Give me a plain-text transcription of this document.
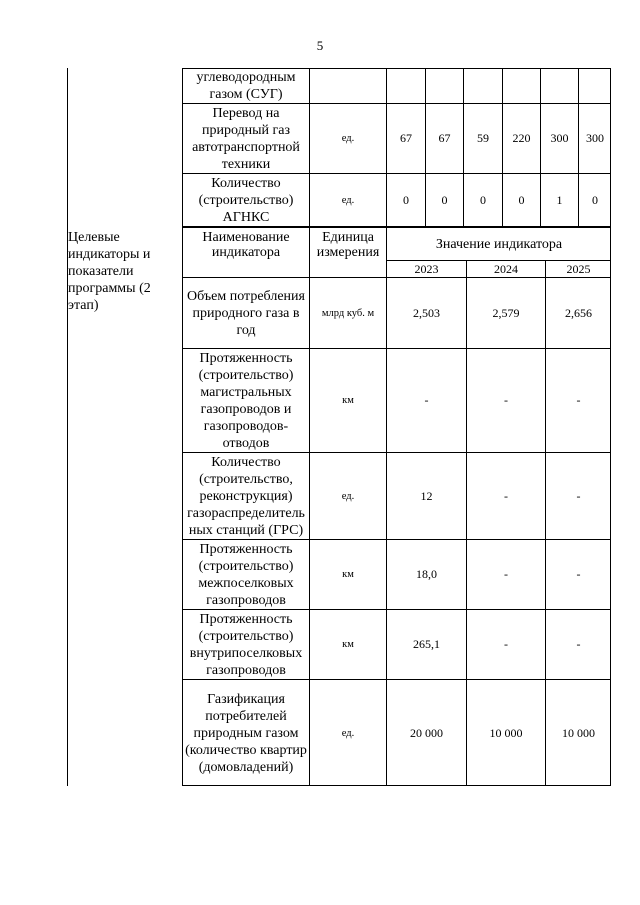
5
Целевые индикаторы и показатели программы (2 этап)
углеводородным газом (СУГ)
Перевод на природный газ автотранспортной техники
ед.	67	67	59	220	300	300
Количество (строительство) АГНКС
ед.	0	0	0	0	1	0
Наименование индикатора
Единица измерения
Значение индикатора
2023	2024	2025
Объем потребления природного газа в год
млрд куб. м	2,503	2,579	2,656
Протяженность (строительство) магистральных газопроводов и газопроводов-отводов
км	-	-	-
Количество (строительство, реконструкция) газораспределитель ных станций (ГРС)
ед.	12	-	-
Протяженность (строительство) межпоселковых газопроводов
км	18,0	-	-
Протяженность (строительство) внутрипоселковых газопроводов
км	265,1	-	-
Газификация потребителей природным газом (количество квартир (домовладений)
ед.	20 000	10 000	10 000
